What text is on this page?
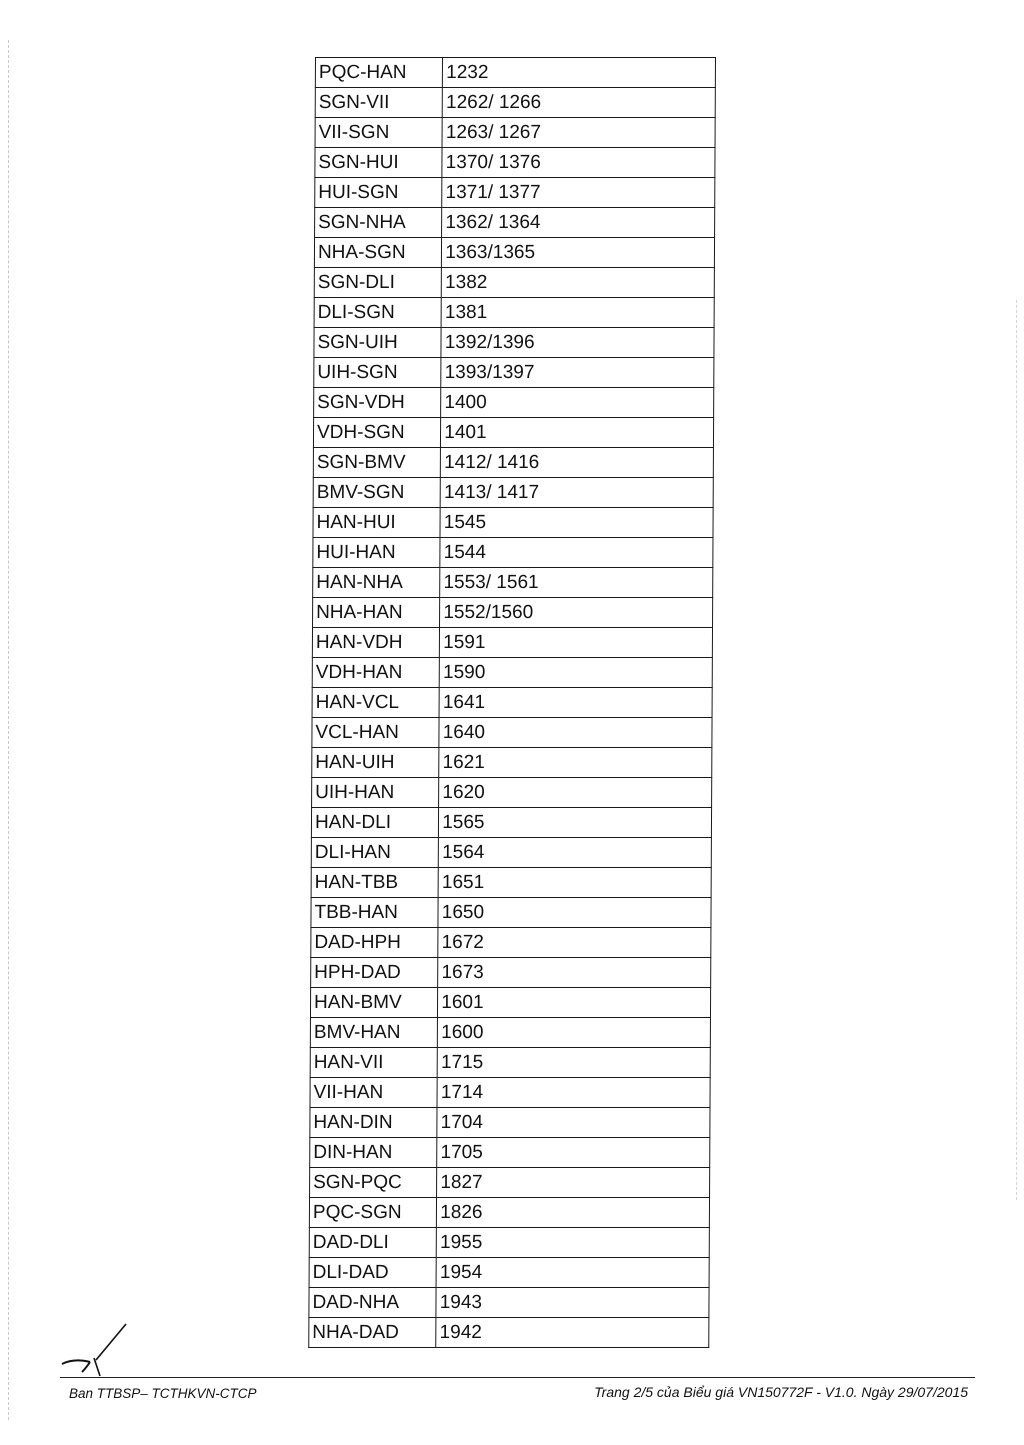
PQC-HAN	1232
SGN-VII	1262/ 1266
VII-SGN	1263/ 1267
SGN-HUI	1370/ 1376
HUI-SGN	1371/ 1377
SGN-NHA	1362/ 1364
NHA-SGN	1363/1365
SGN-DLI	1382
DLI-SGN	1381
SGN-UIH	1392/1396
UIH-SGN	1393/1397
SGN-VDH	1400
VDH-SGN	1401
SGN-BMV	1412/ 1416
BMV-SGN	1413/ 1417
HAN-HUI	1545
HUI-HAN	1544
HAN-NHA	1553/ 1561
NHA-HAN	1552/1560
HAN-VDH	1591
VDH-HAN	1590
HAN-VCL	1641
VCL-HAN	1640
HAN-UIH	1621
UIH-HAN	1620
HAN-DLI	1565
DLI-HAN	1564
HAN-TBB	1651
TBB-HAN	1650
DAD-HPH	1672
HPH-DAD	1673
HAN-BMV	1601
BMV-HAN	1600
HAN-VII	1715
VII-HAN	1714
HAN-DIN	1704
DIN-HAN	1705
SGN-PQC	1827
PQC-SGN	1826
DAD-DLI	1955
DLI-DAD	1954
DAD-NHA	1943
NHA-DAD	1942
Ban TTBSP– TCTHKVN-CTCP	Trang 2/5 của Biểu giá VN150772F - V1.0. Ngày 29/07/2015
